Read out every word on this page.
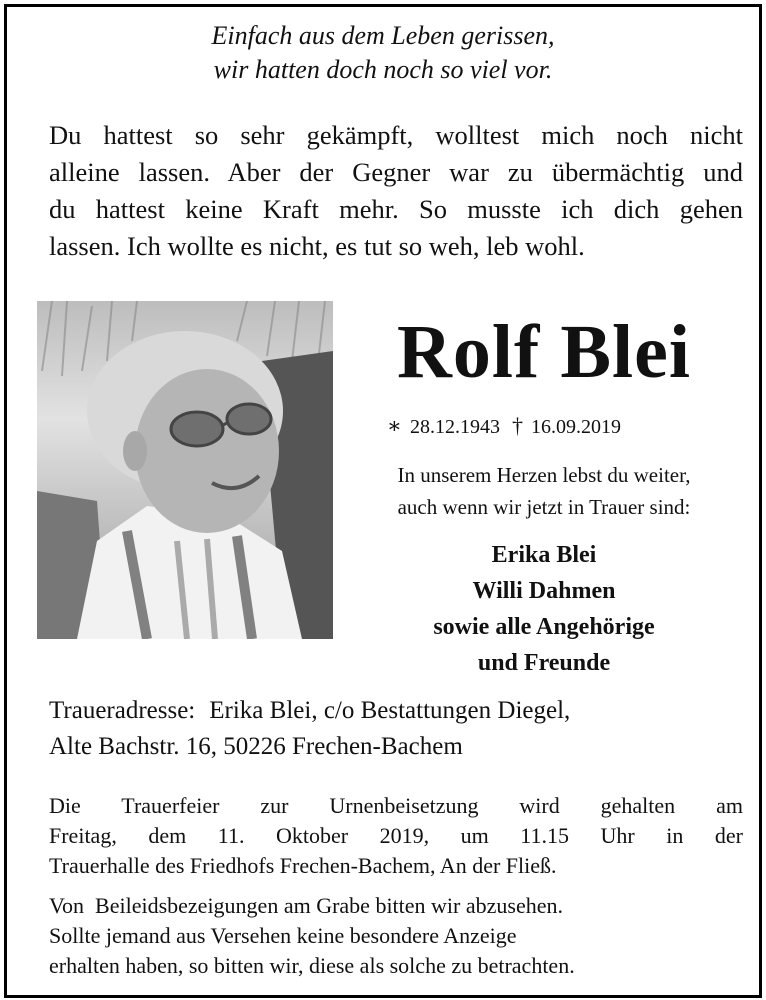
Einfach aus dem Leben gerissen,
wir hatten doch noch so viel vor.
Du hattest so sehr gekämpft, wolltest mich noch nicht
alleine lassen. Aber der Gegner war zu übermächtig und
du hattest keine Kraft mehr. So musste ich dich gehen
lassen. Ich wollte es nicht, es tut so weh, leb wohl.
Rolf Blei
∗ 28.12.1943 † 16.09.2019
In unserem Herzen lebst du weiter,
auch wenn wir jetzt in Trauer sind:
Erika Blei
Willi Dahmen
sowie alle Angehörige
und Freunde
Traueradresse: Erika Blei, c/o Bestattungen Diegel,
Alte Bachstr. 16, 50226 Frechen-Bachem
Die Trauerfeier zur Urnenbeisetzung wird gehalten am
Freitag, dem 11. Oktober 2019, um 11.15 Uhr in der
Trauerhalle des Friedhofs Frechen-Bachem, An der Fließ.
Von  Beileidsbezeigungen am Grabe bitten wir abzusehen.
Sollte jemand aus Versehen keine besondere Anzeige
erhalten haben, so bitten wir, diese als solche zu betrachten.
